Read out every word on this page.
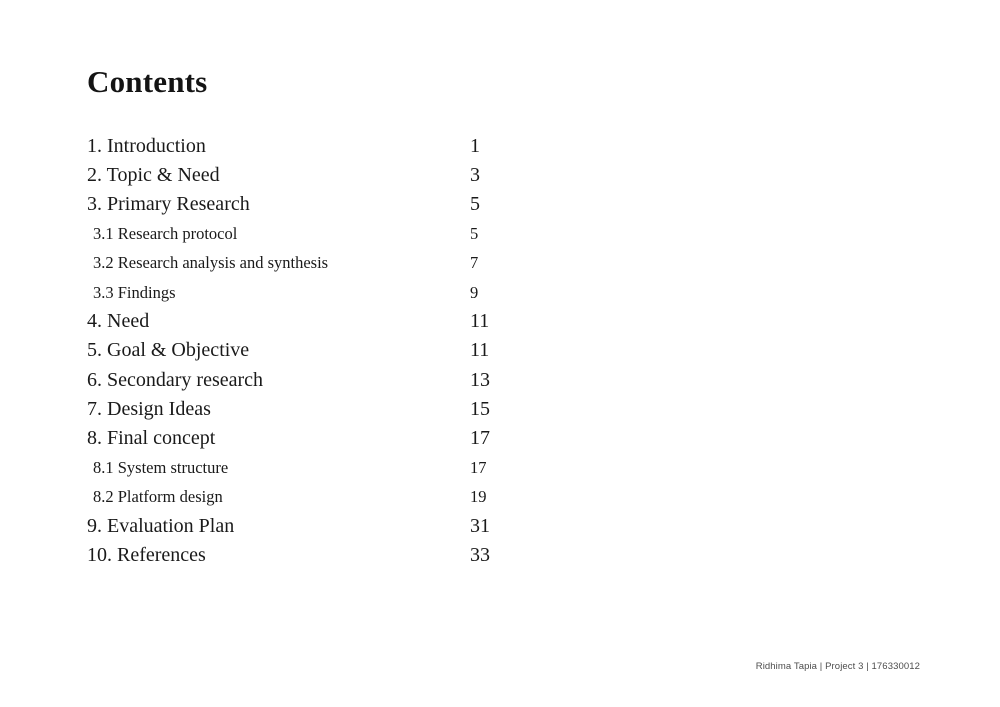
Contents
1. Introduction	1
2. Topic & Need	3
3. Primary Research	5
3.1 Research protocol	5
3.2 Research analysis and synthesis	7
3.3 Findings	9
4. Need	11
5. Goal & Objective	11
6. Secondary research	13
7. Design Ideas	15
8. Final concept	17
8.1 System structure	17
8.2 Platform design	19
9. Evaluation Plan	31
10. References	33
Ridhima Tapia | Project 3 | 176330012
